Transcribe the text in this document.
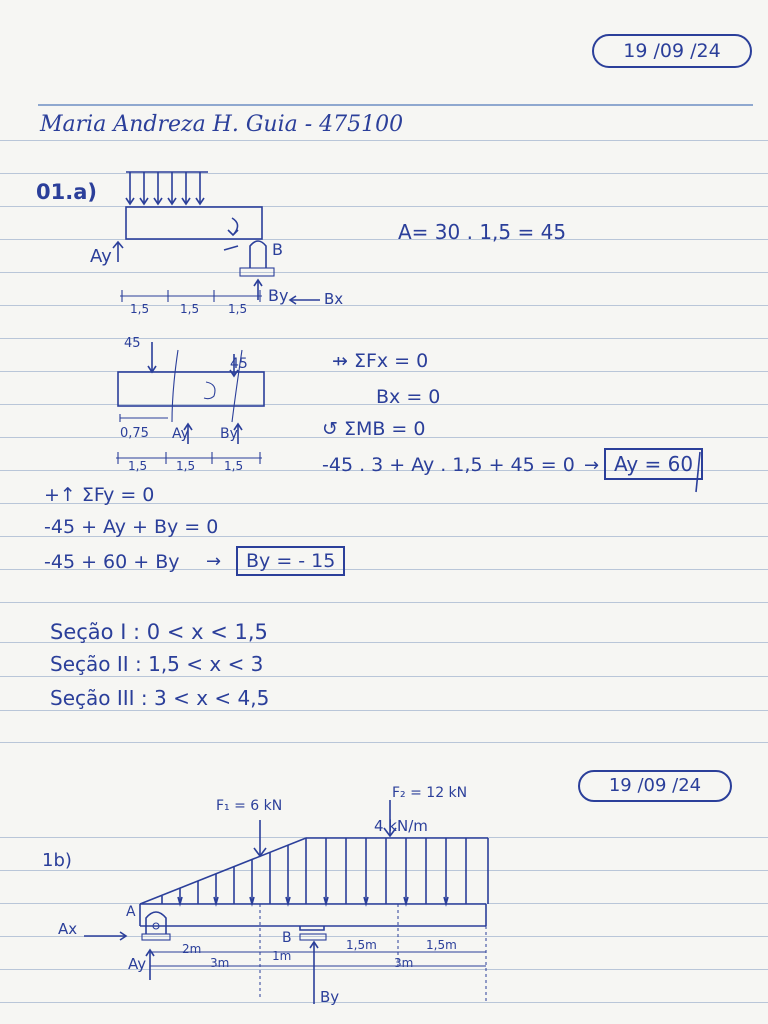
19 /09 /24
Maria Andreza H. Guia - 475100
01.a)
A= 30 . 1,5 = 45
Ay	B
By Bx
1,5	1,5 1,5
45
45
0,75 Ay By
1,5 1,5 1,5
⇸ ΣFx = 0
Bx = 0
↺ ΣMB = 0
-45 . 3 + Ay . 1,5 + 45 = 0 → Ay = 60
+↑ ΣFy = 0
-45 + Ay + By = 0
-45 + 60 + By →	By = - 15
Seção I : 0 < x < 1,5
Seção II : 1,5 < x < 3
Seção III : 3 < x < 4,5
19 /09 /24
1b)
F₁ = 6 kN
F₂ = 12 kN
4 kN/m
A
B
Ax
Ay
By
2m	1m
1,5m	1,5m
3m	3m
